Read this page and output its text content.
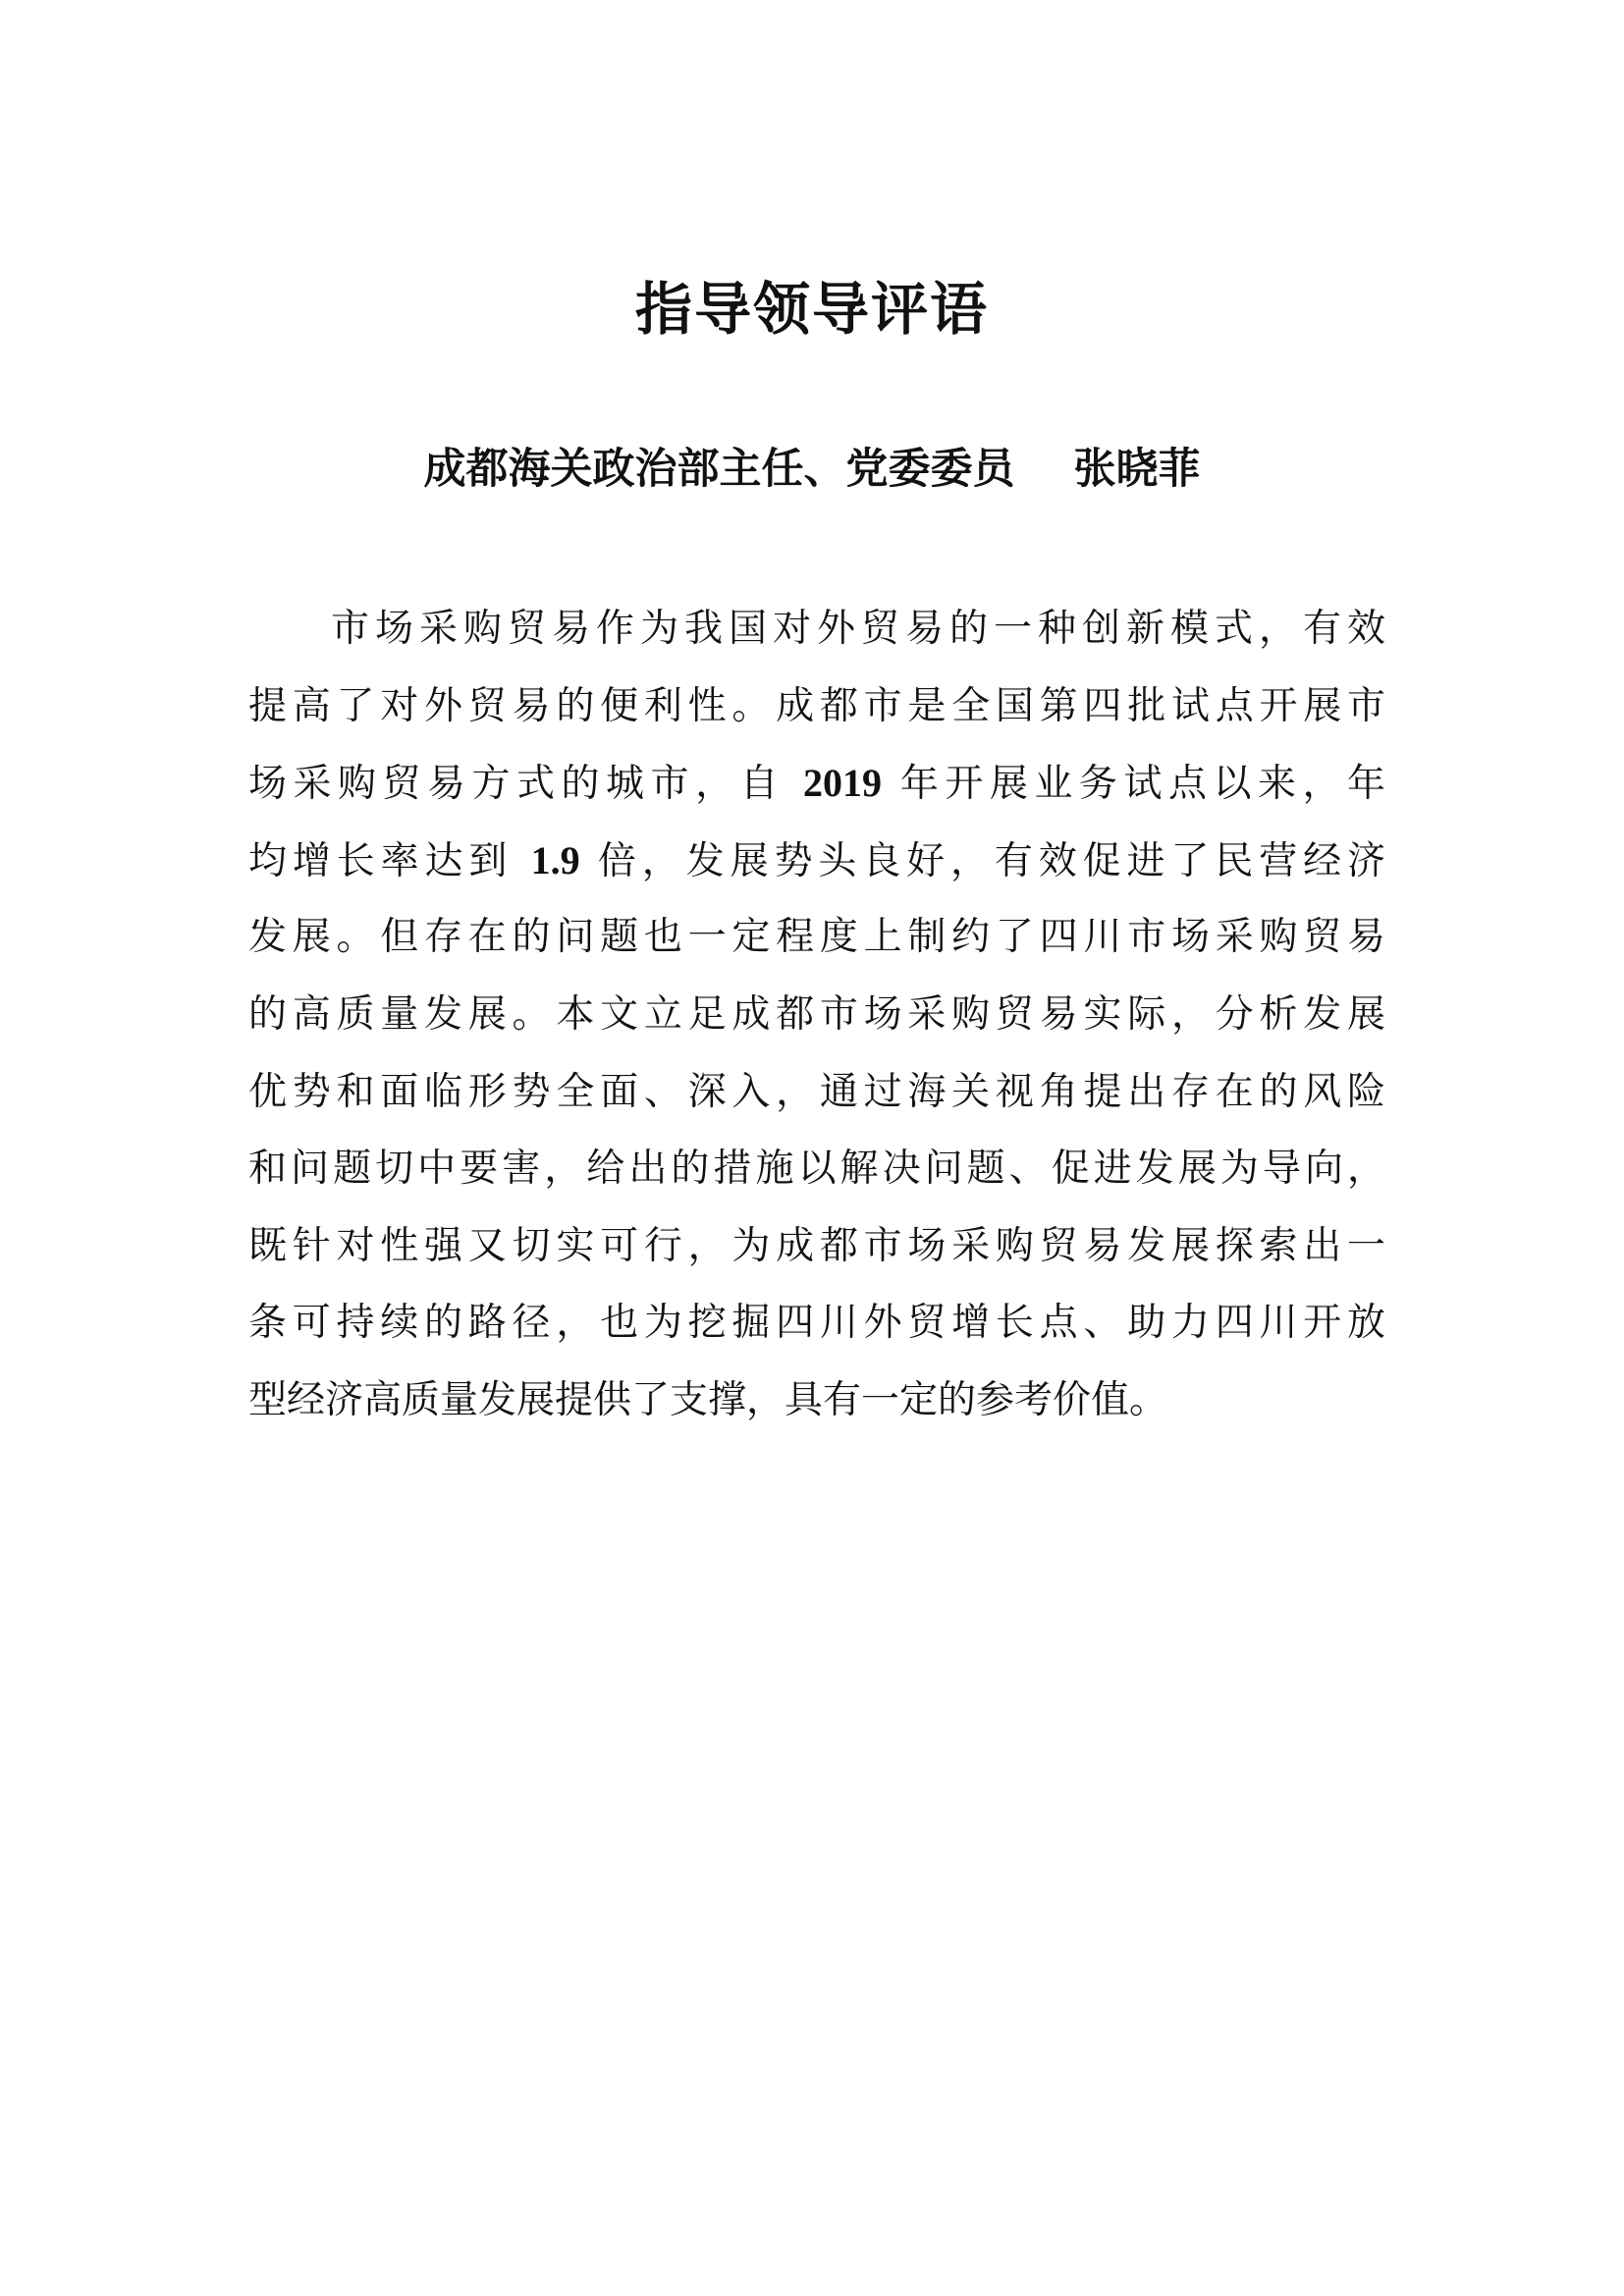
指导领导评语
成都海关政治部主任、党委委员 张晓菲
市场采购贸易作为我国对外贸易的一种创新模式，有效
提高了对外贸易的便利性。成都市是全国第四批试点开展市
场采购贸易方式的城市，自 2019 年开展业务试点以来，年
均增长率达到 1.9 倍，发展势头良好，有效促进了民营经济
发展。但存在的问题也一定程度上制约了四川市场采购贸易
的高质量发展。本文立足成都市场采购贸易实际，分析发展
优势和面临形势全面、深入，通过海关视角提出存在的风险
和问题切中要害，给出的措施以解决问题、促进发展为导向，
既针对性强又切实可行，为成都市场采购贸易发展探索出一
条可持续的路径，也为挖掘四川外贸增长点、助力四川开放
型经济高质量发展提供了支撑，具有一定的参考价值。
